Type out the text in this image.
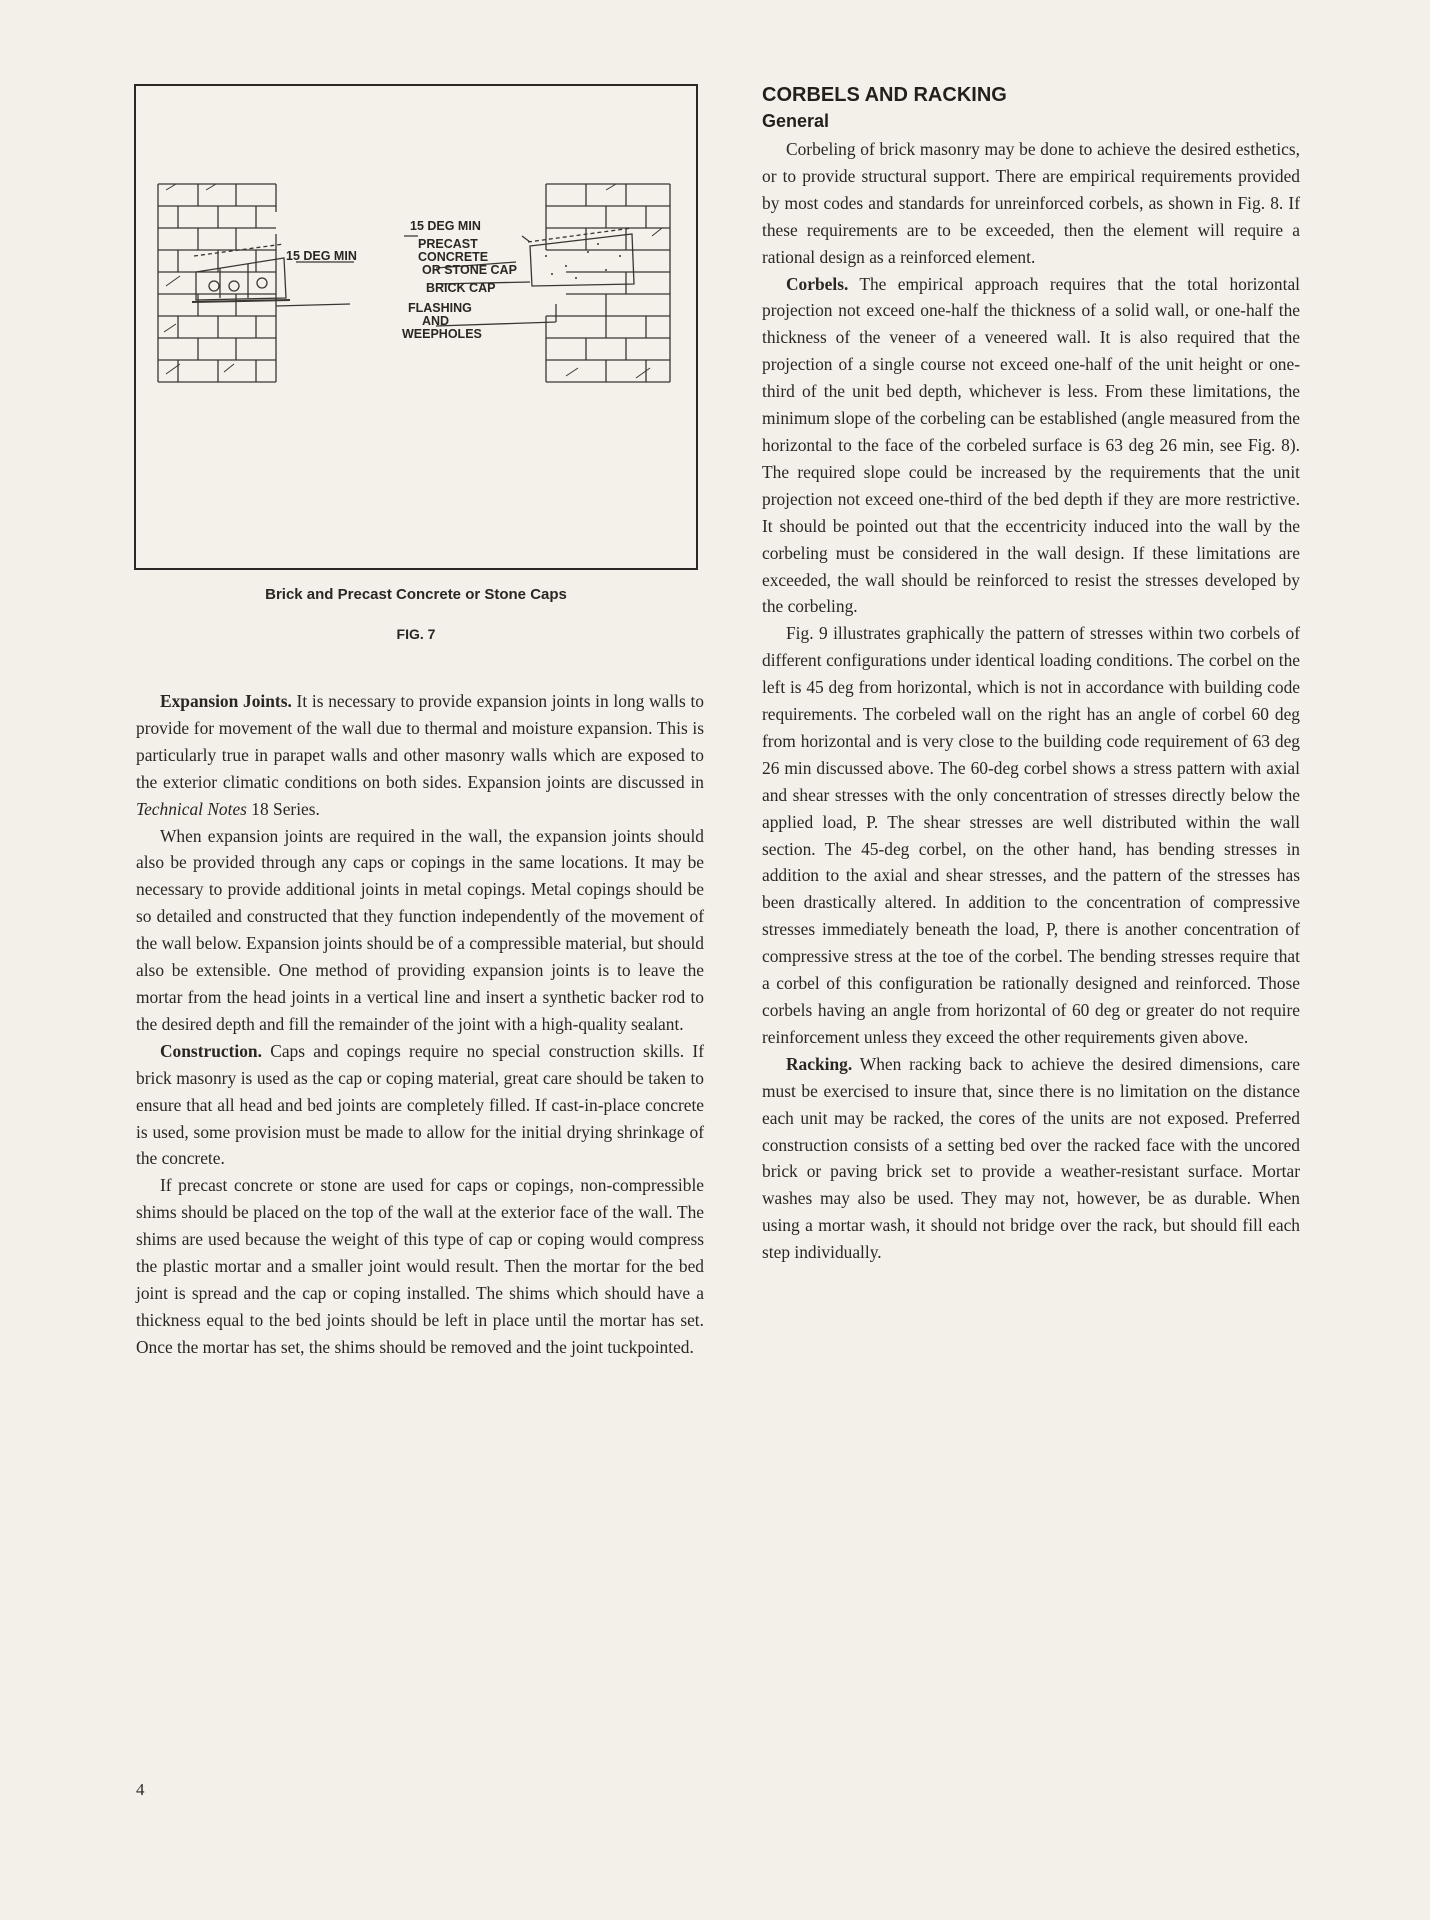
15 DEG MIN
PRECAST
15 DEG MIN	CONCRETE
OR STONE CAP
BRICK CAP
FLASHING
AND
WEEPHOLES
Brick and Precast Concrete or Stone Caps
FIG. 7

Expansion Joints. It is necessary to provide expansion joints in long walls to provide for movement of the wall due to thermal and moisture expansion. This is particularly true in parapet walls and other masonry walls which are exposed to the exterior climatic conditions on both sides. Expansion joints are discussed in Technical Notes 18 Series.

When expansion joints are required in the wall, the expansion joints should also be provided through any caps or copings in the same locations. It may be necessary to provide additional joints in metal copings. Metal copings should be so detailed and constructed that they function independently of the movement of the wall below. Expansion joints should be of a compressible material, but should also be extensible. One method of providing expansion joints is to leave the mortar from the head joints in a vertical line and insert a synthetic backer rod to the desired depth and fill the remainder of the joint with a high-quality sealant.

Construction. Caps and copings require no special construction skills. If brick masonry is used as the cap or coping material, great care should be taken to ensure that all head and bed joints are completely filled. If cast-in-place concrete is used, some provision must be made to allow for the initial drying shrinkage of the concrete.

If precast concrete or stone are used for caps or copings, non-compressible shims should be placed on the top of the wall at the exterior face of the wall. The shims are used because the weight of this type of cap or coping would compress the plastic mortar and a smaller joint would result. Then the mortar for the bed joint is spread and the cap or coping installed. The shims which should have a thickness equal to the bed joints should be left in place until the mortar has set. Once the mortar has set, the shims should be removed and the joint tuckpointed.

CORBELS AND RACKING
General

Corbeling of brick masonry may be done to achieve the desired esthetics, or to provide structural support. There are empirical requirements provided by most codes and standards for unreinforced corbels, as shown in Fig. 8. If these requirements are to be exceeded, then the element will require a rational design as a reinforced element.

Corbels. The empirical approach requires that the total horizontal projection not exceed one-half the thickness of a solid wall, or one-half the thickness of the veneer of a veneered wall. It is also required that the projection of a single course not exceed one-half of the unit height or one-third of the unit bed depth, whichever is less. From these limitations, the minimum slope of the corbeling can be established (angle measured from the horizontal to the face of the corbeled surface is 63 deg 26 min, see Fig. 8). The required slope could be increased by the requirements that the unit projection not exceed one-third of the bed depth if they are more restrictive. It should be pointed out that the eccentricity induced into the wall by the corbeling must be considered in the wall design. If these limitations are exceeded, the wall should be reinforced to resist the stresses developed by the corbeling.

Fig. 9 illustrates graphically the pattern of stresses within two corbels of different configurations under identical loading conditions. The corbel on the left is 45 deg from horizontal, which is not in accordance with building code requirements. The corbeled wall on the right has an angle of corbel 60 deg from horizontal and is very close to the building code requirement of 63 deg 26 min discussed above. The 60-deg corbel shows a stress pattern with axial and shear stresses with the only concentration of stresses directly below the applied load, P. The shear stresses are well distributed within the wall section. The 45-deg corbel, on the other hand, has bending stresses in addition to the axial and shear stresses, and the pattern of the stresses has been drastically altered. In addition to the concentration of compressive stresses immediately beneath the load, P, there is another concentration of compressive stress at the toe of the corbel. The bending stresses require that a corbel of this configuration be rationally designed and reinforced. Those corbels having an angle from horizontal of 60 deg or greater do not require reinforcement unless they exceed the other requirements given above.

Racking. When racking back to achieve the desired dimensions, care must be exercised to insure that, since there is no limitation on the distance each unit may be racked, the cores of the units are not exposed. Preferred construction consists of a setting bed over the racked face with the uncored brick or paving brick set to provide a weather-resistant surface. Mortar washes may also be used. They may not, however, be as durable. When using a mortar wash, it should not bridge over the rack, but should fill each step individually.

4
